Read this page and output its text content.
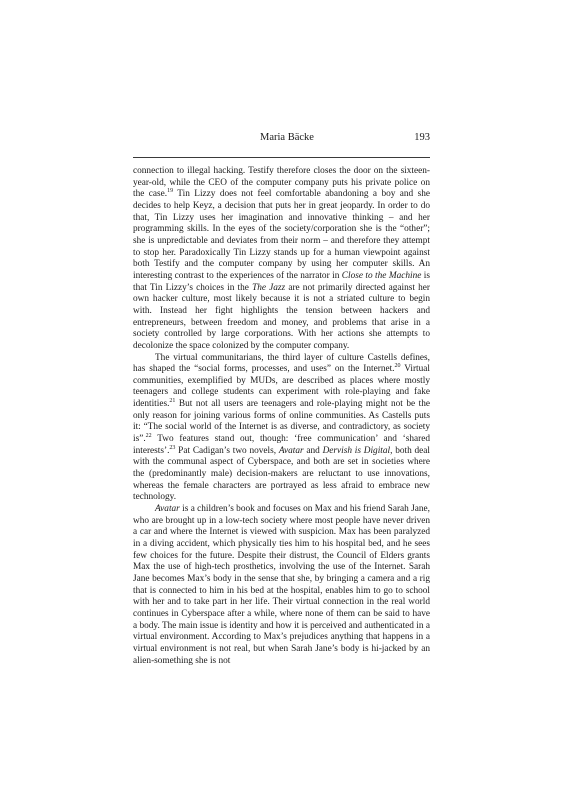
Maria Bäcke	193

connection to illegal hacking. Testify therefore closes the door on the sixteen-year-old, while the CEO of the computer company puts his private police on the case.$^{19}$ Tin Lizzy does not feel comfortable abandoning a boy and she decides to help Keyz, a decision that puts her in great jeopardy. In order to do that, Tin Lizzy uses her imagination and innovative thinking – and her programming skills. In the eyes of the society/corporation she is the “other”; she is unpredictable and deviates from their norm – and therefore they attempt to stop her. Paradoxically Tin Lizzy stands up for a human viewpoint against both Testify and the computer company by using her computer skills. An interesting contrast to the experiences of the narrator in Close to the Machine is that Tin Lizzy’s choices in the The Jazz are not primarily directed against her own hacker culture, most likely because it is not a striated culture to begin with. Instead her fight highlights the tension between hackers and entrepreneurs, between freedom and money, and problems that arise in a society controlled by large corporations. With her actions she attempts to decolonize the space colonized by the computer company.

The virtual communitarians, the third layer of culture Castells defines, has shaped the “social forms, processes, and uses” on the Internet.$^{20}$ Virtual communities, exemplified by MUDs, are described as places where mostly teenagers and college students can experiment with role-playing and fake identities.$^{21}$ But not all users are teenagers and role-playing might not be the only reason for joining various forms of online communities. As Castells puts it: “The social world of the Internet is as diverse, and contradictory, as society is”.$^{22}$ Two features stand out, though: ‘free communication’ and ‘shared interests’.$^{23}$ Pat Cadigan’s two novels, Avatar and Dervish is Digital, both deal with the communal aspect of Cyberspace, and both are set in societies where the (predominantly male) decision-makers are reluctant to use innovations, whereas the female characters are portrayed as less afraid to embrace new technology.

Avatar is a children’s book and focuses on Max and his friend Sarah Jane, who are brought up in a low-tech society where most people have never driven a car and where the Internet is viewed with suspicion. Max has been paralyzed in a diving accident, which physically ties him to his hospital bed, and he sees few choices for the future. Despite their distrust, the Council of Elders grants Max the use of high-tech prosthetics, involving the use of the Internet. Sarah Jane becomes Max’s body in the sense that she, by bringing a camera and a rig that is connected to him in his bed at the hospital, enables him to go to school with her and to take part in her life. Their virtual connection in the real world continues in Cyberspace after a while, where none of them can be said to have a body. The main issue is identity and how it is perceived and authenticated in a virtual environment. According to Max’s prejudices anything that happens in a virtual environment is not real, but when Sarah Jane’s body is hi-jacked by an alien-something she is not
